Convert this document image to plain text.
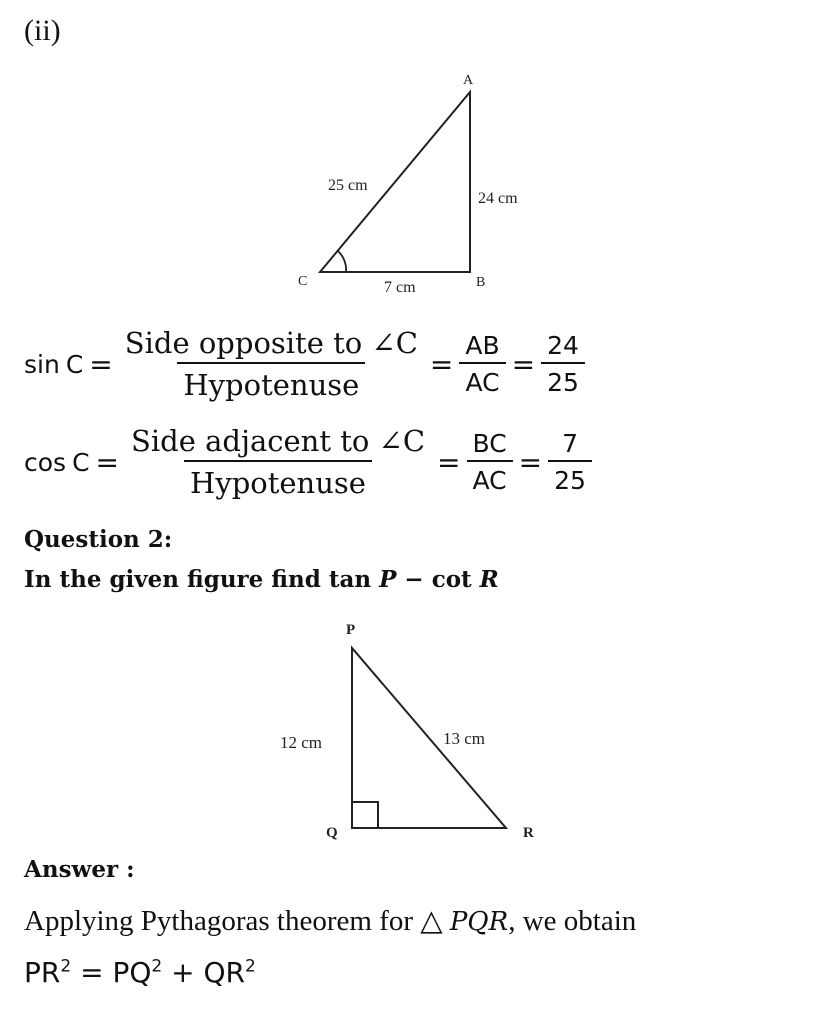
(ii)
A
B
C
25 cm
24 cm
7 cm
$\sin C = \frac{\text{Side opposite to ∠C}}{\text{Hypotenuse}} = \frac{AB}{AC} = \frac{24}{25}$
$\cos C = \frac{\text{Side adjacent to ∠C}}{\text{Hypotenuse}} = \frac{BC}{AC} = \frac{7}{25}$
Question 2:
In the given figure find tan P − cot R
P
Q	R
12 cm	13 cm
Answer :
Applying Pythagoras theorem for △ PQR, we obtain
$PR^2 = PQ^2 + QR^2$
